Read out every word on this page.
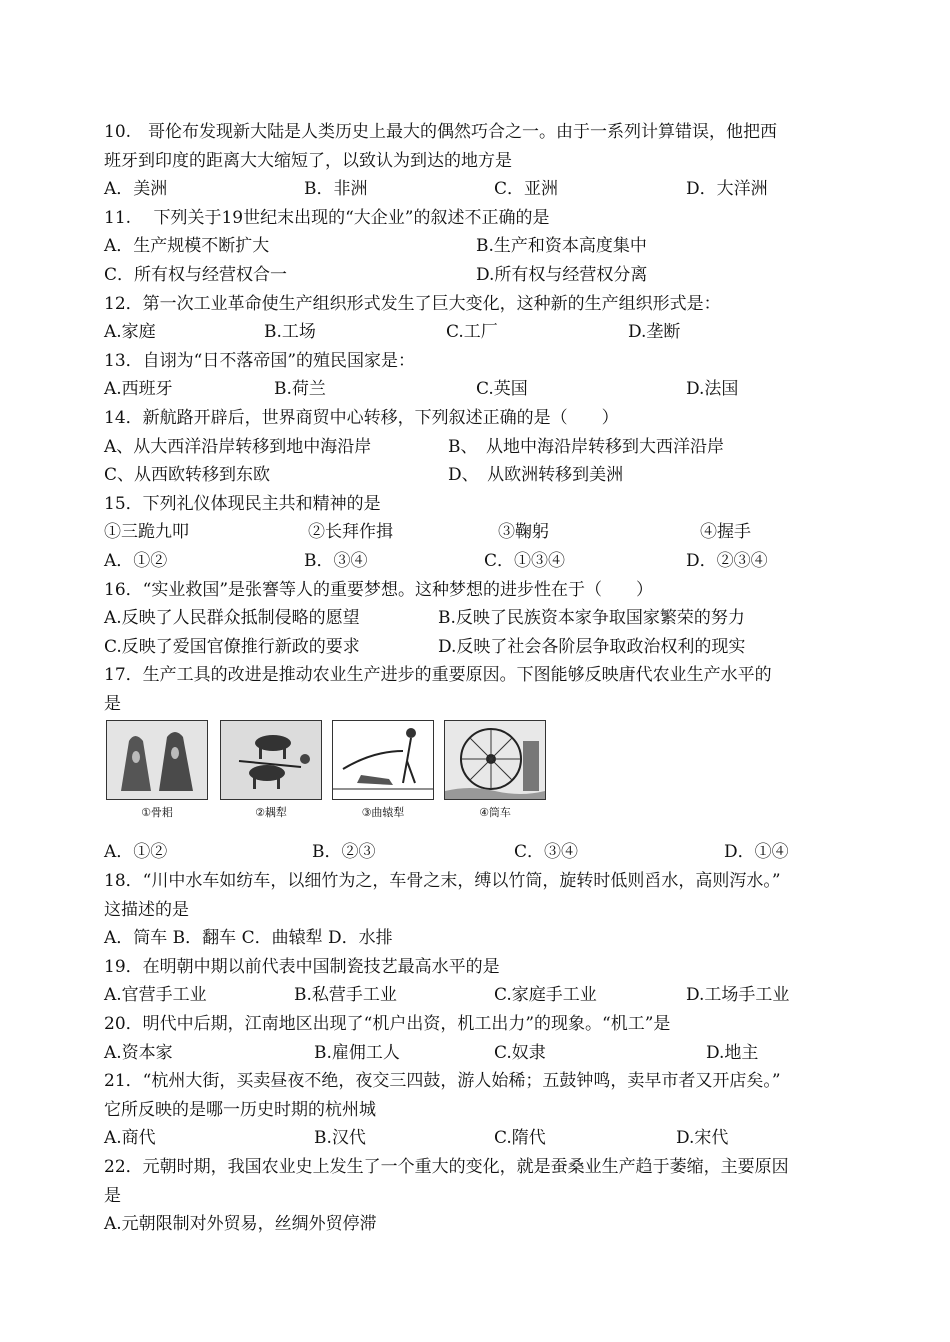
10.　哥伦布发现新大陆是人类历史上最大的偶然巧合之一。由于一系列计算错误，他把西
班牙到印度的距离大大缩短了，以致认为到达的地方是
A．美洲	B．非洲	C．亚洲	D．大洋洲
11.　 下列关于19世纪末出现的“大企业”的叙述不正确的是
A．生产规模不断扩大	B.生产和资本高度集中
C．所有权与经营权合一	D.所有权与经营权分离
12．第一次工业革命使生产组织形式发生了巨大变化，这种新的生产组织形式是：
A.家庭	B.工场	C.工厂	D.垄断
13．自诩为“日不落帝国”的殖民国家是：
A.西班牙	B.荷兰	C.英国	D.法国
14．新航路开辟后，世界商贸中心转移，下列叙述正确的是（　　）
A、从大西洋沿岸转移到地中海沿岸	B、　从地中海沿岸转移到大西洋沿岸
C、从西欧转移到东欧	D、　从欧洲转移到美洲
15．下列礼仪体现民主共和精神的是
①三跪九叩	②长拜作揖	③鞠躬	④握手
A．①②	B．③④	C．①③④	D．②③④
16．“实业救国”是张謇等人的重要梦想。这种梦想的进步性在于（　　）
A.反映了人民群众抵制侵略的愿望	B.反映了民族资本家争取国家繁荣的努力
C.反映了爱国官僚推行新政的要求	D.反映了社会各阶层争取政治权利的现实
17．生产工具的改进是推动农业生产进步的重要原因。下图能够反映唐代农业生产水平的
是
①骨耜	②耦犁	③曲辕犁	④筒车
A．①②	B．②③	C．③④	D．①④
18．“川中水车如纺车，以细竹为之，车骨之末，缚以竹筒，旋转时低则舀水，高则泻水。”
这描述的是
A．筒车 B．翻车 C．曲辕犁 D．水排
19．在明朝中期以前代表中国制瓷技艺最高水平的是
A.官营手工业	B.私营手工业	C.家庭手工业	D.工场手工业
20．明代中后期，江南地区出现了“机户出资，机工出力”的现象。“机工”是
A.资本家	B.雇佣工人	C.奴隶	D.地主
21．“杭州大街，买卖昼夜不绝，夜交三四鼓，游人始稀；五鼓钟鸣，卖早市者又开店矣。”
它所反映的是哪一历史时期的杭州城
A.商代	B.汉代	C.隋代	D.宋代
22．元朝时期，我国农业史上发生了一个重大的变化，就是蚕桑业生产趋于萎缩，主要原因
是
A.元朝限制对外贸易，丝绸外贸停滞
